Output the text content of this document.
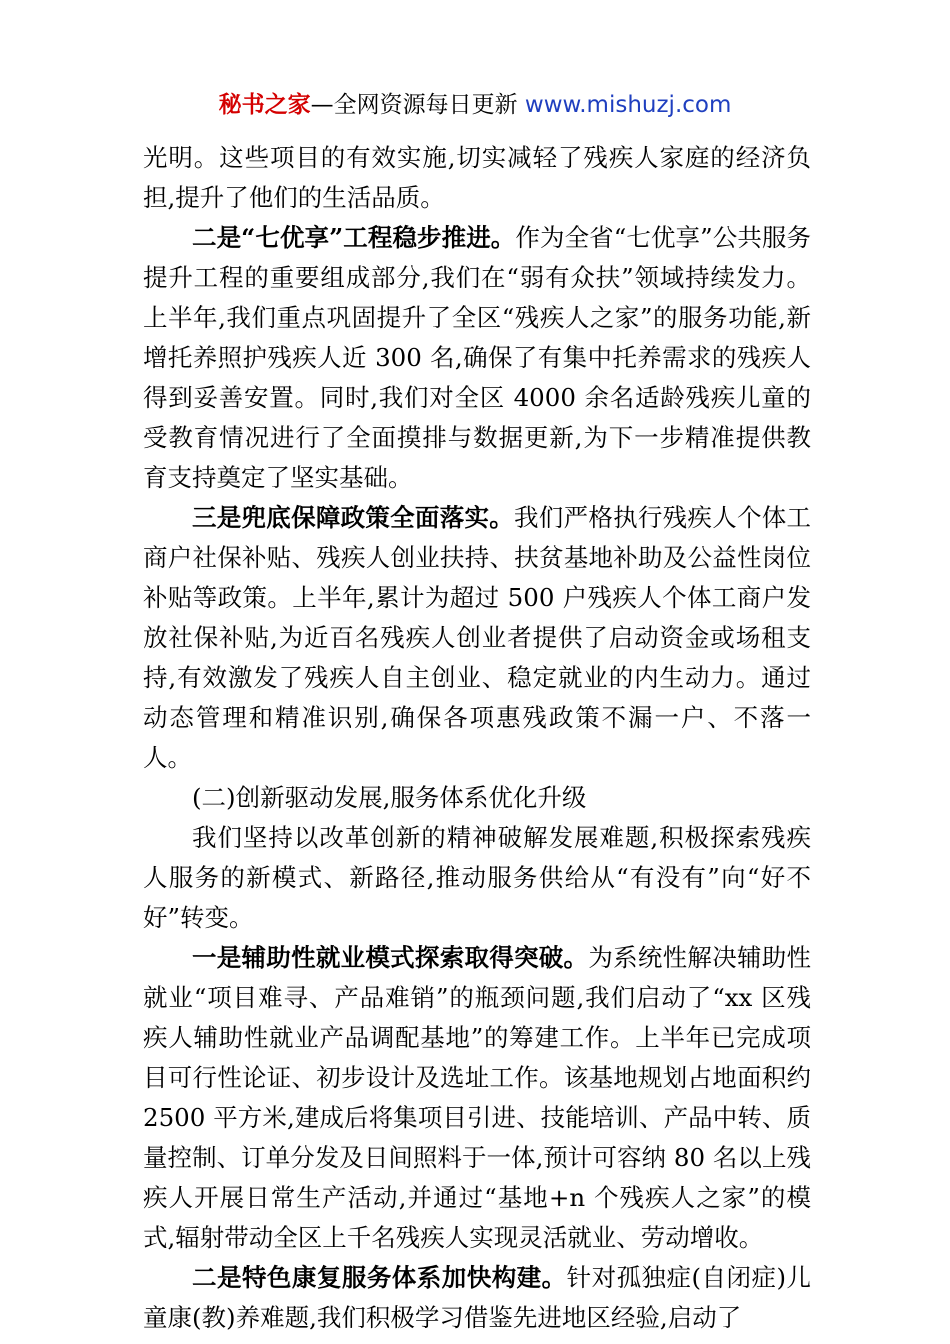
秘书之家—全网资源每日更新 www.mishuzj.com

光明。这些项目的有效实施,切实减轻了残疾人家庭的经济负担,提升了他们的生活品质。

二是“七优享”工程稳步推进。作为全省“七优享”公共服务提升工程的重要组成部分,我们在“弱有众扶”领域持续发力。上半年,我们重点巩固提升了全区“残疾人之家”的服务功能,新增托养照护残疾人近 300 名,确保了有集中托养需求的残疾人得到妥善安置。同时,我们对全区 4000 余名适龄残疾儿童的受教育情况进行了全面摸排与数据更新,为下一步精准提供教育支持奠定了坚实基础。

三是兜底保障政策全面落实。我们严格执行残疾人个体工商户社保补贴、残疾人创业扶持、扶贫基地补助及公益性岗位补贴等政策。上半年,累计为超过 500 户残疾人个体工商户发放社保补贴,为近百名残疾人创业者提供了启动资金或场租支持,有效激发了残疾人自主创业、稳定就业的内生动力。通过动态管理和精准识别,确保各项惠残政策不漏一户、不落一人。

(二)创新驱动发展,服务体系优化升级

我们坚持以改革创新的精神破解发展难题,积极探索残疾人服务的新模式、新路径,推动服务供给从“有没有”向“好不好”转变。

一是辅助性就业模式探索取得突破。为系统性解决辅助性就业“项目难寻、产品难销”的瓶颈问题,我们启动了“xx 区残疾人辅助性就业产品调配基地”的筹建工作。上半年已完成项目可行性论证、初步设计及选址工作。该基地规划占地面积约 2500 平方米,建成后将集项目引进、技能培训、产品中转、质量控制、订单分发及日间照料于一体,预计可容纳 80 名以上残疾人开展日常生产活动,并通过“基地+n 个残疾人之家”的模式,辐射带动全区上千名残疾人实现灵活就业、劳动增收。

二是特色康复服务体系加快构建。针对孤独症(自闭症)儿童康(教)养难题,我们积极学习借鉴先进地区经验,启动了
